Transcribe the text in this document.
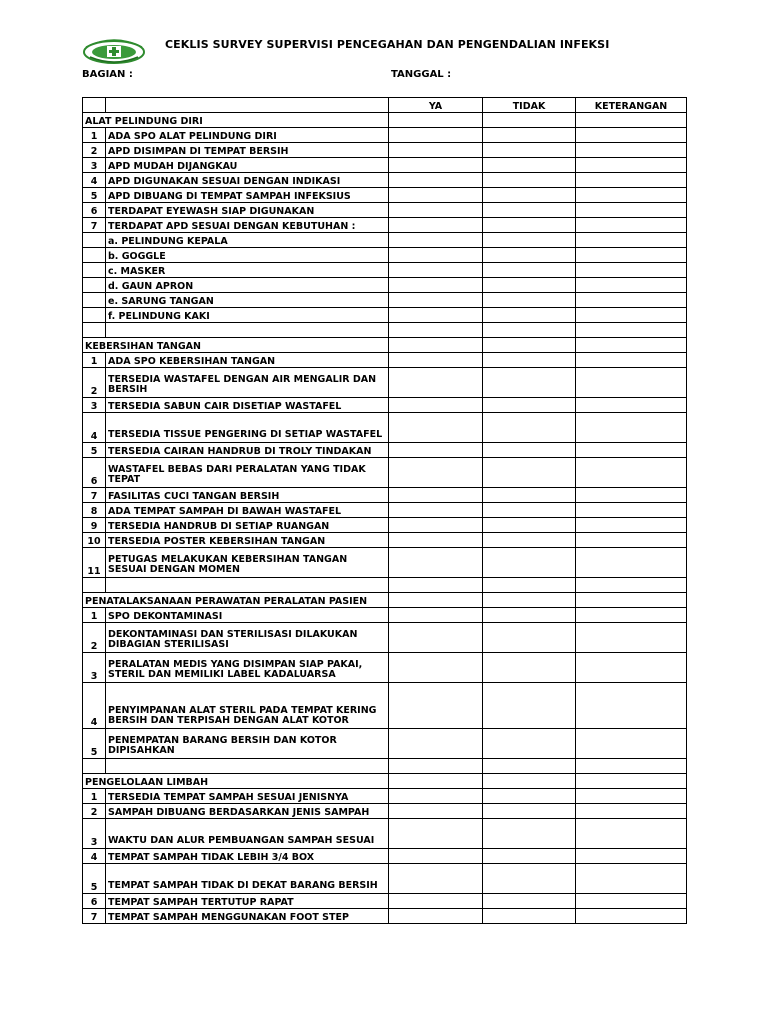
CEKLIS SURVEY SUPERVISI PENCEGAHAN DAN PENGENDALIAN INFEKSI
BAGIAN :	TANGGAL :
		YA	TIDAK	KETERANGAN
ALAT PELINDUNG DIRI				
1	ADA SPO ALAT PELINDUNG DIRI			
2	APD DISIMPAN DI TEMPAT BERSIH			
3	APD MUDAH DIJANGKAU			
4	APD DIGUNAKAN SESUAI DENGAN INDIKASI			
5	APD DIBUANG DI TEMPAT SAMPAH INFEKSIUS			
6	TERDAPAT EYEWASH SIAP DIGUNAKAN			
7	TERDAPAT APD SESUAI DENGAN KEBUTUHAN :			
	a. PELINDUNG KEPALA			
	b. GOGGLE			
	c. MASKER			
	d. GAUN APRON			
	e. SARUNG TANGAN			
	f. PELINDUNG KAKI			

KEBERSIHAN TANGAN				
1	ADA SPO KEBERSIHAN TANGAN			
2	TERSEDIA WASTAFEL DENGAN AIR MENGALIR DAN BERSIH			
3	TERSEDIA SABUN CAIR DISETIAP WASTAFEL			
4	TERSEDIA TISSUE PENGERING DI SETIAP WASTAFEL			
5	TERSEDIA CAIRAN HANDRUB DI TROLY TINDAKAN			
6	WASTAFEL BEBAS DARI PERALATAN YANG TIDAK TEPAT			
7	FASILITAS CUCI TANGAN BERSIH			
8	ADA TEMPAT SAMPAH DI BAWAH WASTAFEL			
9	TERSEDIA HANDRUB DI SETIAP RUANGAN			
10	TERSEDIA POSTER KEBERSIHAN TANGAN			
11	PETUGAS MELAKUKAN KEBERSIHAN TANGAN SESUAI DENGAN MOMEN			

PENATALAKSANAAN PERAWATAN PERALATAN PASIEN				
1	SPO DEKONTAMINASI			
2	DEKONTAMINASI DAN STERILISASI DILAKUKAN DIBAGIAN STERILISASI			
3	PERALATAN MEDIS YANG DISIMPAN SIAP PAKAI, STERIL DAN MEMILIKI LABEL KADALUARSA			
4	PENYIMPANAN ALAT STERIL PADA TEMPAT KERING BERSIH DAN TERPISAH DENGAN ALAT KOTOR			
5	PENEMPATAN BARANG BERSIH DAN KOTOR DIPISAHKAN			

PENGELOLAAN LIMBAH				
1	TERSEDIA TEMPAT SAMPAH SESUAI JENISNYA			
2	SAMPAH DIBUANG BERDASARKAN JENIS SAMPAH			
3	WAKTU DAN ALUR PEMBUANGAN SAMPAH SESUAI			
4	TEMPAT SAMPAH TIDAK LEBIH 3/4 BOX			
5	TEMPAT SAMPAH TIDAK DI DEKAT BARANG BERSIH			
6	TEMPAT SAMPAH TERTUTUP RAPAT			
7	TEMPAT SAMPAH MENGGUNAKAN FOOT STEP			
